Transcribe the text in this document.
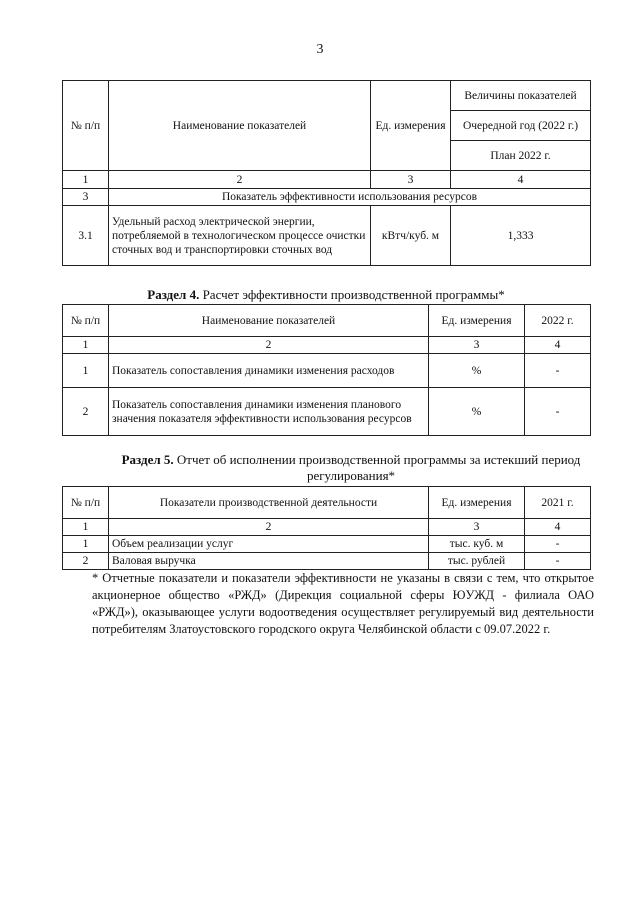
3
№ п/п	Наименование показателей	Ед. измерения	Величины показателей
			Очередной год (2022 г.)
			План 2022 г.
1	2	3	4
3	Показатель эффективности использования ресурсов		
3.1	Удельный расход электрической энергии, потребляемой в технологическом процессе очистки сточных вод и транспортировки сточных вод	кВтч/куб. м	1,333
Раздел 4. Расчет эффективности производственной программы*
№ п/п	Наименование показателей	Ед. измерения	2022 г.
1	2	3	4
1	Показатель сопоставления динамики изменения расходов	%	-
2	Показатель сопоставления динамики изменения планового значения показателя эффективности использования ресурсов	%	-
Раздел 5. Отчет об исполнении производственной программы за истекший период регулирования*
№ п/п	Показатели производственной деятельности	Ед. измерения	2021 г.
1	2	3	4
1	Объем реализации услуг	тыс. куб. м	-
2	Валовая выручка	тыс. рублей	-
* Отчетные показатели и показатели эффективности не указаны в связи с тем, что открытое акционерное общество «РЖД» (Дирекция социальной сферы ЮУЖД - филиала ОАО «РЖД»), оказывающее услуги водоотведения осуществляет регулируемый вид деятельности потребителям Златоустовского городского округа Челябинской области с 09.07.2022 г.
